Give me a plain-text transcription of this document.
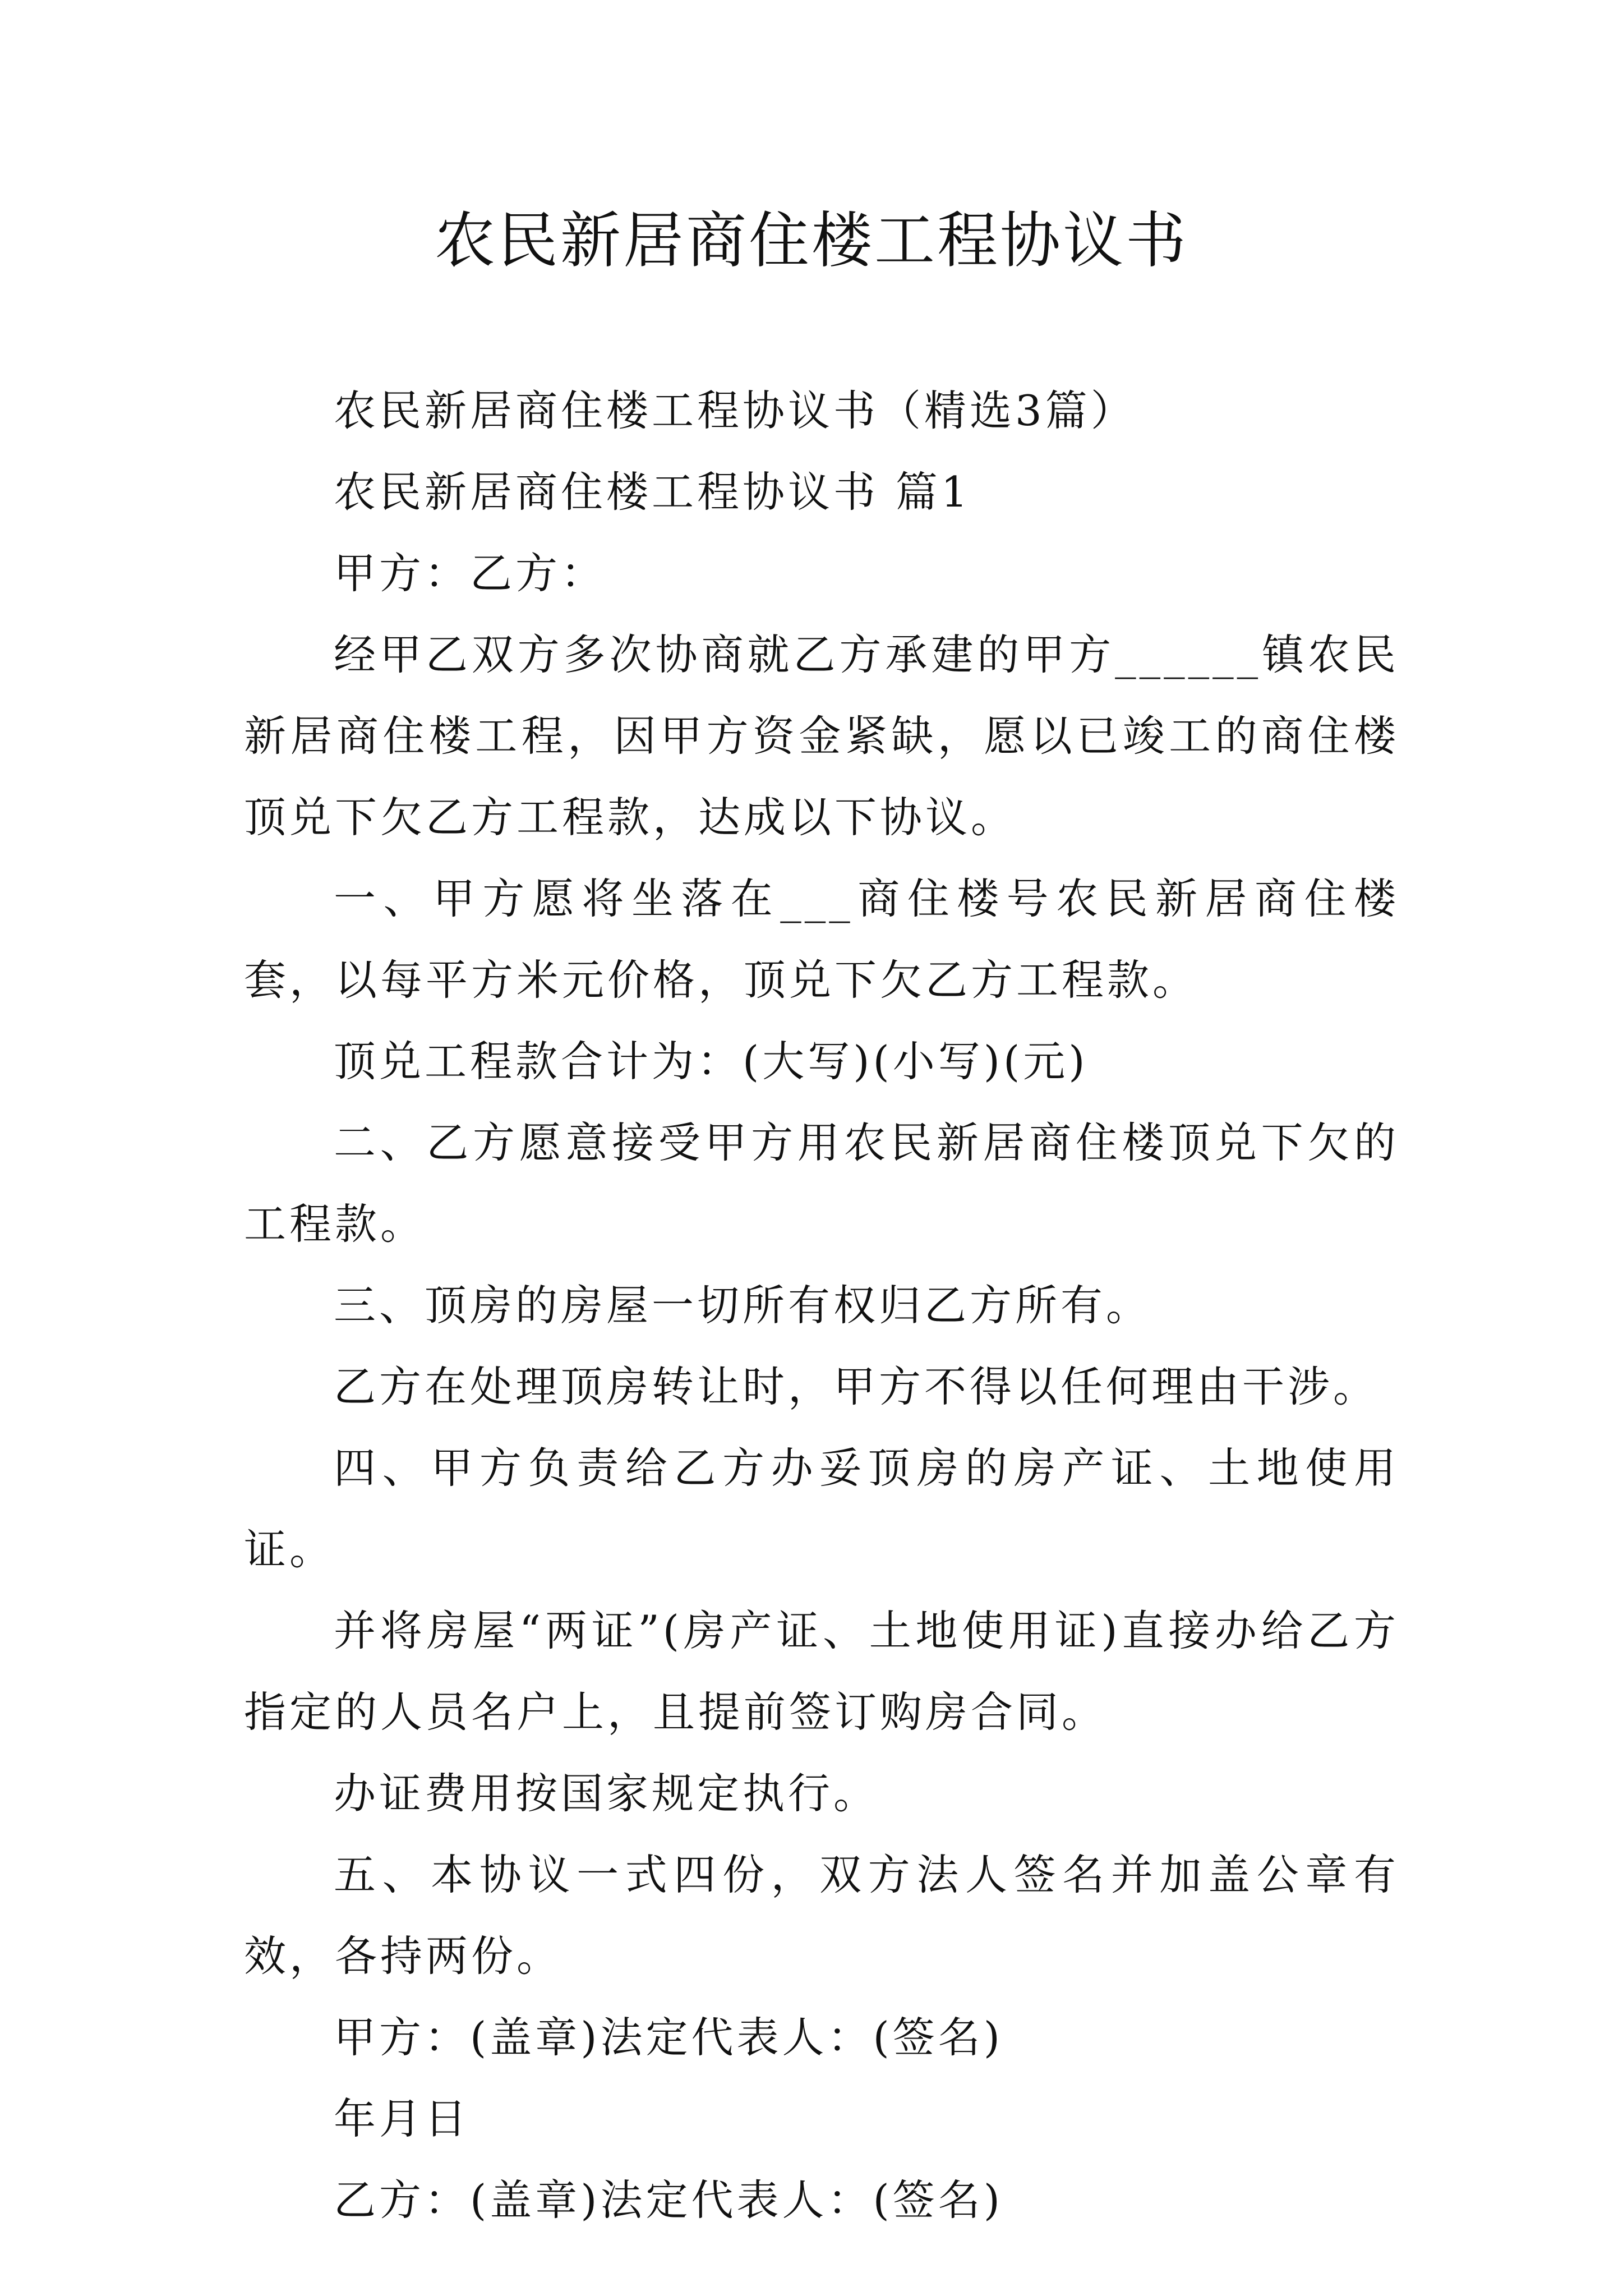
农民新居商住楼工程协议书

农民新居商住楼工程协议书（精选3篇）

农民新居商住楼工程协议书 篇1

甲方：乙方：

经甲乙双方多次协商就乙方承建的甲方______镇农民新居商住楼工程，因甲方资金紧缺，愿以已竣工的商住楼顶兑下欠乙方工程款，达成以下协议。

一、甲方愿将坐落在___商住楼号农民新居商住楼套，以每平方米元价格，顶兑下欠乙方工程款。

顶兑工程款合计为：(大写)(小写)(元)

二、乙方愿意接受甲方用农民新居商住楼顶兑下欠的工程款。

三、顶房的房屋一切所有权归乙方所有。

乙方在处理顶房转让时，甲方不得以任何理由干涉。

四、甲方负责给乙方办妥顶房的房产证、土地使用证。

并将房屋“两证”(房产证、土地使用证)直接办给乙方指定的人员名户上，且提前签订购房合同。

办证费用按国家规定执行。

五、本协议一式四份，双方法人签名并加盖公章有效，各持两份。

甲方：(盖章)法定代表人：(签名)

年月日

乙方：(盖章)法定代表人：(签名)
